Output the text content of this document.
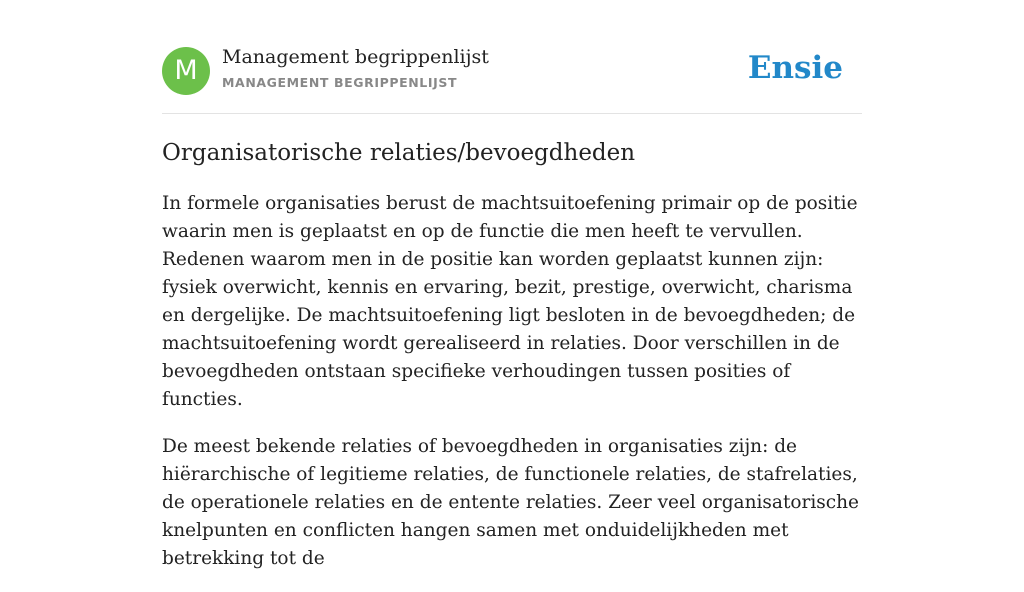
M	Management begrippenlijst
MANAGEMENT BEGRIPPENLIJST	Ensie
Organisatorische relaties/bevoegdheden

In formele organisaties berust de machtsuitoefening primair op de positie waarin men is geplaatst en op de functie die men heeft te vervullen. Redenen waarom men in de positie kan worden geplaatst kunnen zijn: fysiek overwicht, kennis en ervaring, bezit, prestige, overwicht, charisma en dergelijke. De machtsuitoefening ligt besloten in de bevoegdheden; de machtsuitoefening wordt gerealiseerd in relaties. Door verschillen in de bevoegdheden ontstaan specifieke verhoudingen tussen posities of functies.

De meest bekende relaties of bevoegdheden in organisaties zijn: de hiërarchische of legitieme relaties, de functionele relaties, de stafrelaties, de operationele relaties en de entente relaties. Zeer veel organisatorische knelpunten en conflicten hangen samen met onduidelijkheden met betrekking tot de
